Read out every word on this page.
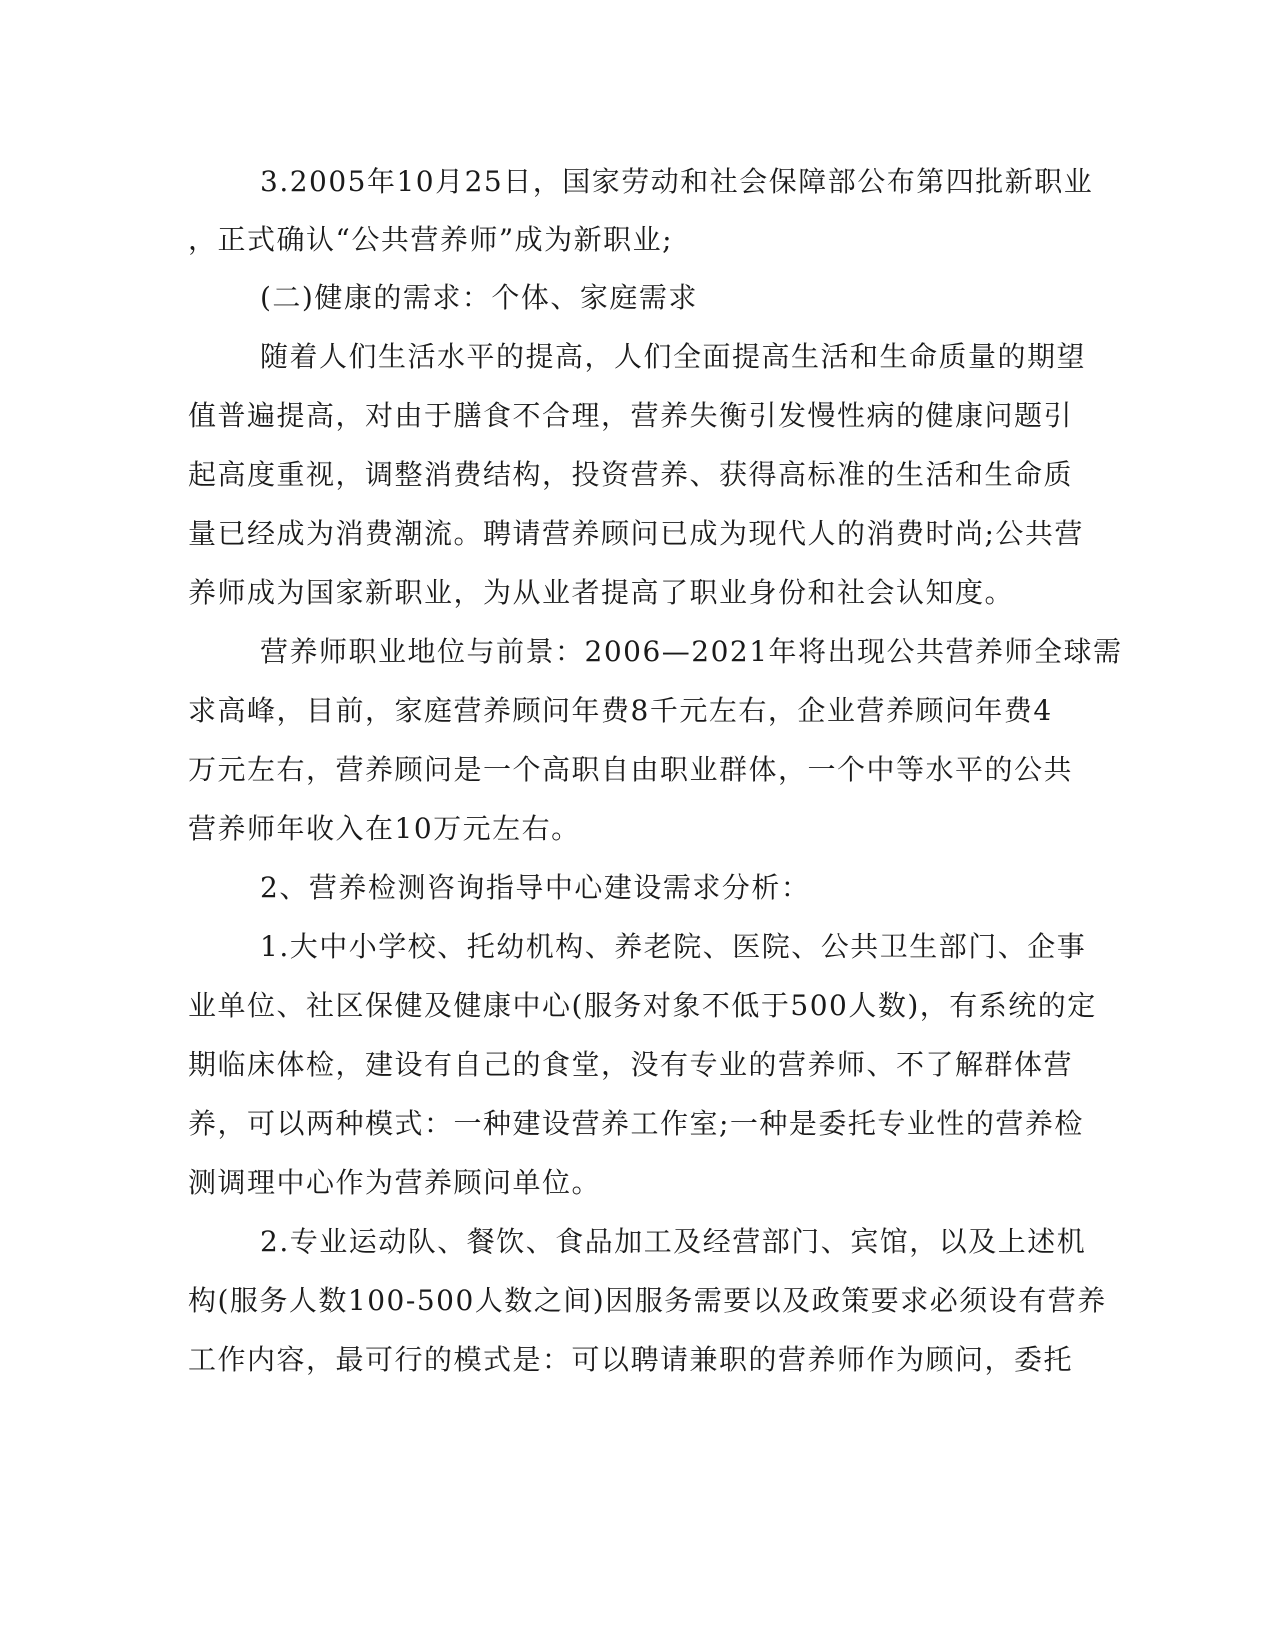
3.2005年10月25日，国家劳动和社会保障部公布第四批新职业
，正式确认“公共营养师”成为新职业;
(二)健康的需求：个体、家庭需求
随着人们生活水平的提高，人们全面提高生活和生命质量的期望
值普遍提高，对由于膳食不合理，营养失衡引发慢性病的健康问题引
起高度重视，调整消费结构，投资营养、获得高标准的生活和生命质
量已经成为消费潮流。聘请营养顾问已成为现代人的消费时尚;公共营
养师成为国家新职业，为从业者提高了职业身份和社会认知度。
营养师职业地位与前景：2006—2021年将出现公共营养师全球需
求高峰，目前，家庭营养顾问年费8千元左右，企业营养顾问年费4
万元左右，营养顾问是一个高职自由职业群体，一个中等水平的公共
营养师年收入在10万元左右。
2、营养检测咨询指导中心建设需求分析：
1.大中小学校、托幼机构、养老院、医院、公共卫生部门、企事
业单位、社区保健及健康中心(服务对象不低于500人数)，有系统的定
期临床体检，建设有自己的食堂，没有专业的营养师、不了解群体营
养，可以两种模式：一种建设营养工作室;一种是委托专业性的营养检
测调理中心作为营养顾问单位。
2.专业运动队、餐饮、食品加工及经营部门、宾馆，以及上述机
构(服务人数100-500人数之间)因服务需要以及政策要求必须设有营养
工作内容，最可行的模式是：可以聘请兼职的营养师作为顾问，委托
